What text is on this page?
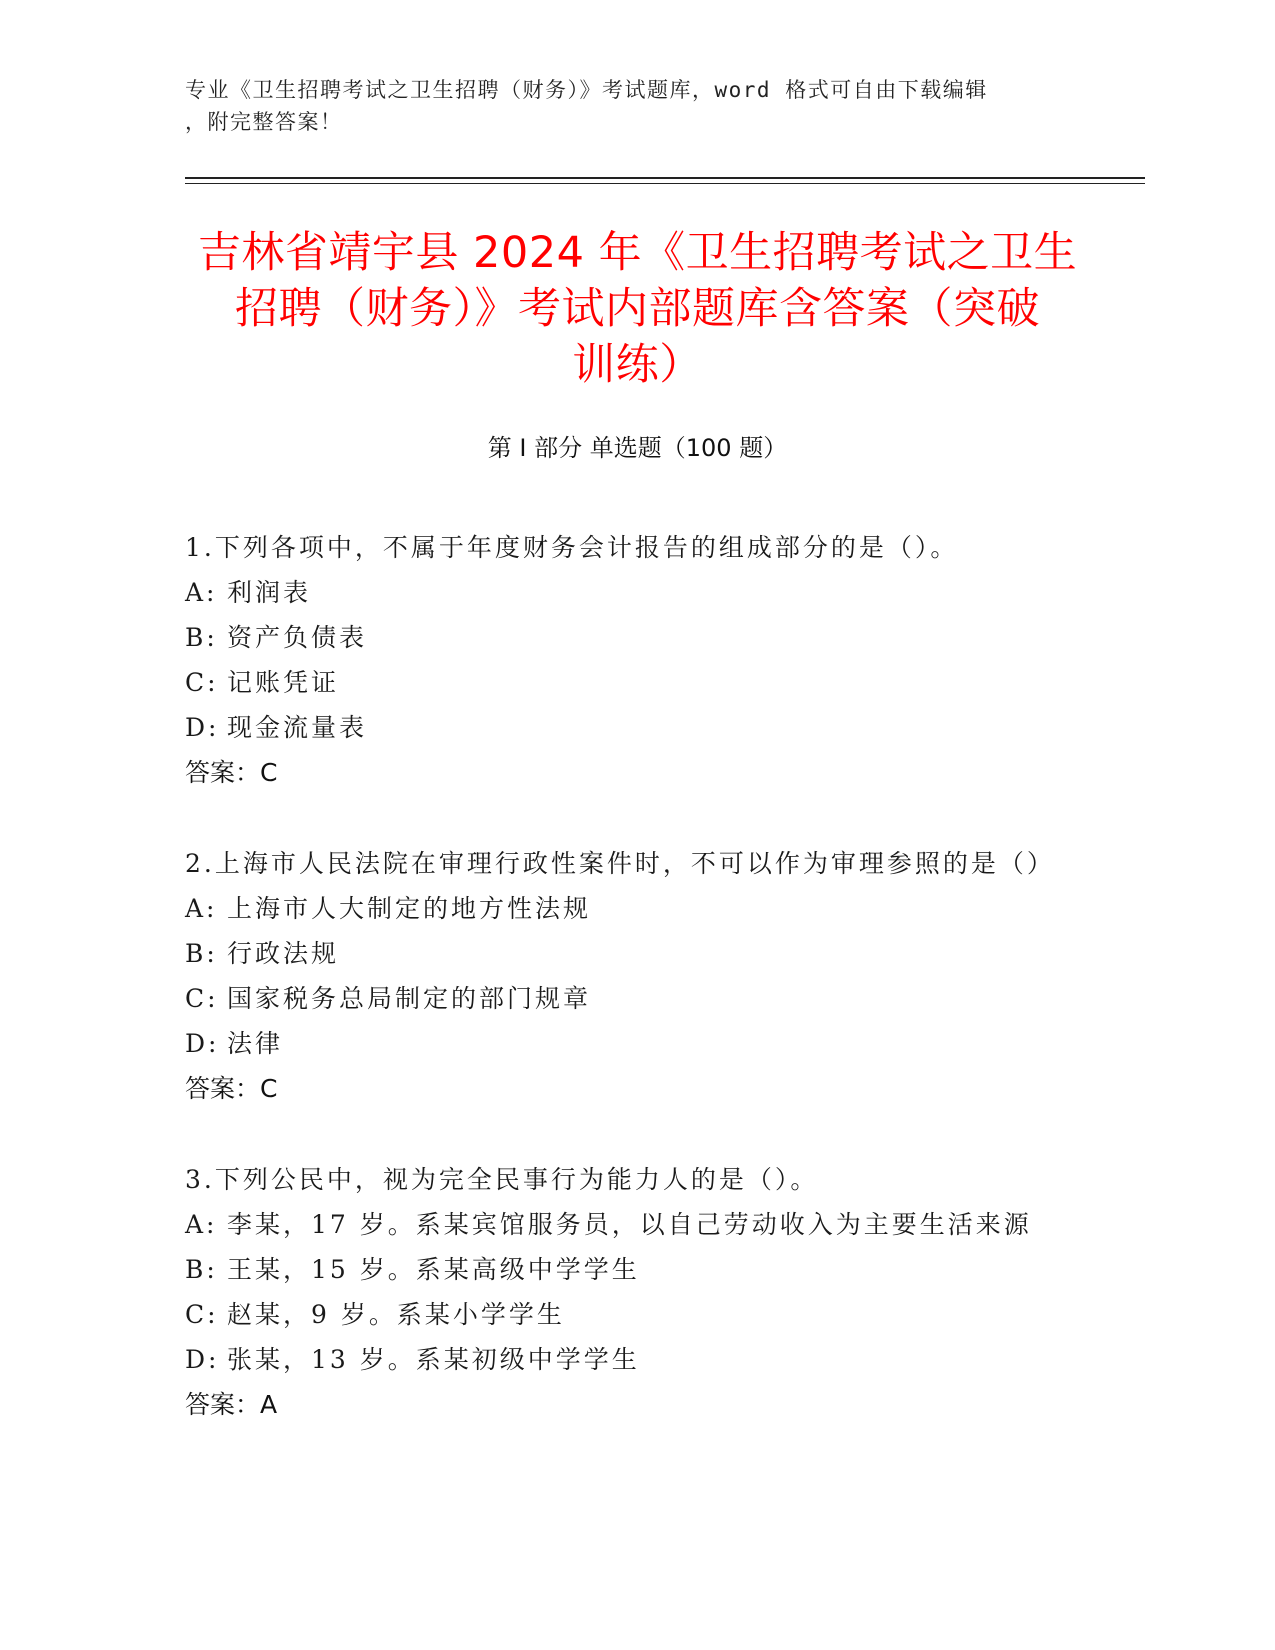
专业《卫生招聘考试之卫生招聘（财务）》考试题库，word 格式可自由下载编辑
，附完整答案！
吉林省靖宇县 2024 年《卫生招聘考试之卫生
招聘（财务）》考试内部题库含答案（突破
训练）
第 I 部分 单选题（100 题）
1.下列各项中，不属于年度财务会计报告的组成部分的是（）。
A: 利润表
B: 资产负债表
C: 记账凭证
D: 现金流量表
答案：C
2.上海市人民法院在审理行政性案件时，不可以作为审理参照的是（）
A: 上海市人大制定的地方性法规
B: 行政法规
C: 国家税务总局制定的部门规章
D: 法律
答案：C
3.下列公民中，视为完全民事行为能力人的是（）。
A: 李某，17 岁。系某宾馆服务员，以自己劳动收入为主要生活来源
B: 王某，15 岁。系某高级中学学生
C: 赵某，9 岁。系某小学学生
D: 张某，13 岁。系某初级中学学生
答案：A
